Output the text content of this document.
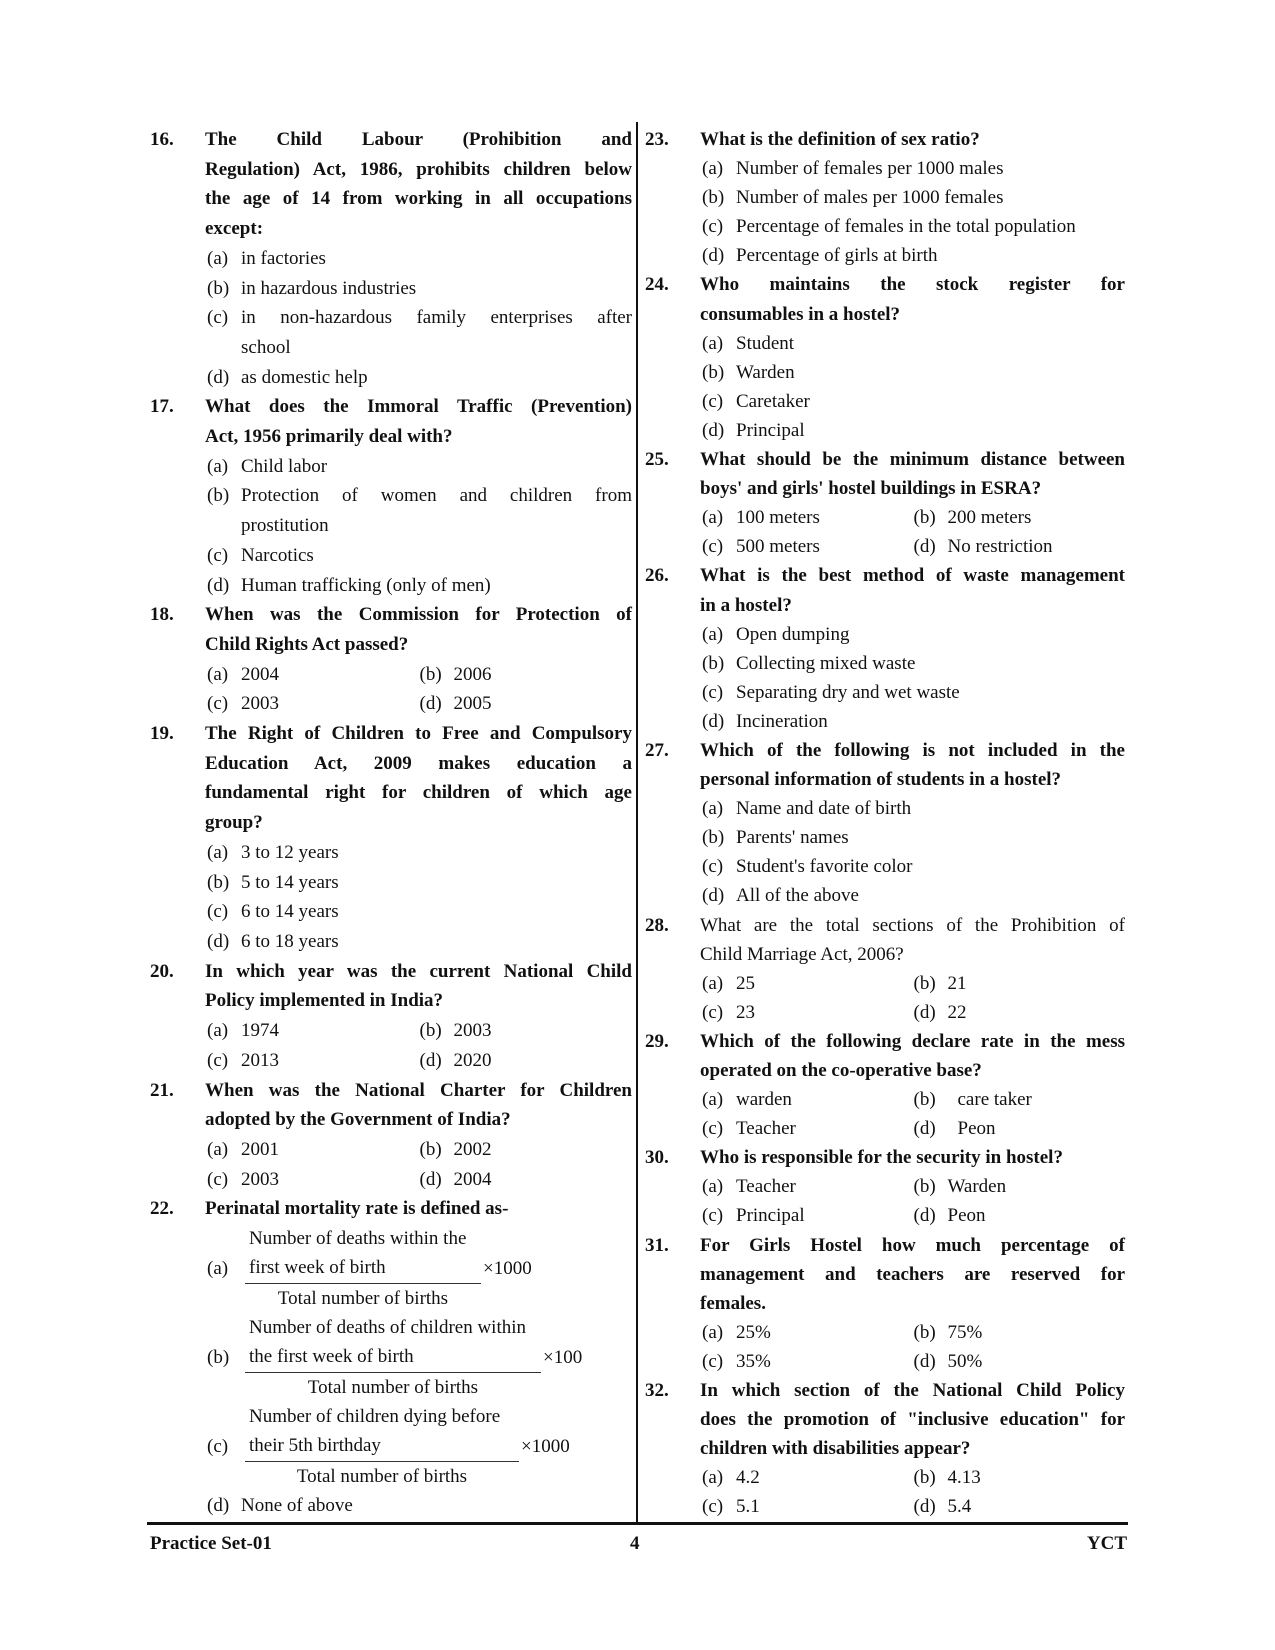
16. The Child Labour (Prohibition and
Regulation) Act, 1986, prohibits children below
the age of 14 from working in all occupations
except:
(a) in factories
(b) in hazardous industries
(c) in non-hazardous family enterprises after school
(d) as domestic help
17. What does the Immoral Traffic (Prevention)
Act, 1956 primarily deal with?
(a) Child labor
(b) Protection of women and children from prostitution
(c) Narcotics
(d) Human trafficking (only of men)
18. When was the Commission for Protection of
Child Rights Act passed?
(a) 2004	(b) 2006
(c) 2003	(d) 2005
19. The Right of Children to Free and Compulsory
Education Act, 2009 makes education a
fundamental right for children of which age
group?
(a) 3 to 12 years
(b) 5 to 14 years
(c) 6 to 14 years
(d) 6 to 18 years
20. In which year was the current National Child
Policy implemented in India?
(a) 1974	(b) 2003
(c) 2013	(d) 2020
21. When was the National Charter for Children
adopted by the Government of India?
(a) 2001	(b) 2002
(c) 2003	(d) 2004
22. Perinatal mortality rate is defined as-
(a)
Number of deaths within the
first week of birth
Total number of births
×1000
(b)
Number of deaths of children within
the first week of birth
Total number of births
×100
(c)
Number of children dying before
their 5th birthday
Total number of births
×1000
(d) None of above
23. What is the definition of sex ratio?
(a) Number of females per 1000 males
(b) Number of males per 1000 females
(c) Percentage of females in the total population
(d) Percentage of girls at birth
24. Who maintains the stock register for
consumables in a hostel?
(a) Student
(b) Warden
(c) Caretaker
(d) Principal
25. What should be the minimum distance between
boys' and girls' hostel buildings in ESRA?
(a) 100 meters	(b) 200 meters
(c) 500 meters	(d) No restriction
26. What is the best method of waste management
in a hostel?
(a) Open dumping
(b) Collecting mixed waste
(c) Separating dry and wet waste
(d) Incineration
27. Which of the following is not included in the
personal information of students in a hostel?
(a) Name and date of birth
(b) Parents' names
(c) Student's favorite color
(d) All of the above
28. What are the total sections of the Prohibition of
Child Marriage Act, 2006?
(a) 25	(b) 21
(c) 23	(d) 22
29. Which of the following declare rate in the mess
operated on the co-operative base?
(a) warden	(b)	care taker
(c) Teacher	(d)	Peon
30. Who is responsible for the security in hostel?
(a) Teacher	(b) Warden
(c) Principal	(d) Peon
31. For Girls Hostel how much percentage of
management and teachers are reserved for
females.
(a) 25%	(b) 75%
(c) 35%	(d) 50%
32. In which section of the National Child Policy
does the promotion of "inclusive education" for
children with disabilities appear?
(a) 4.2	(b) 4.13
(c) 5.1	(d) 5.4
Practice Set-01	4	YCT
